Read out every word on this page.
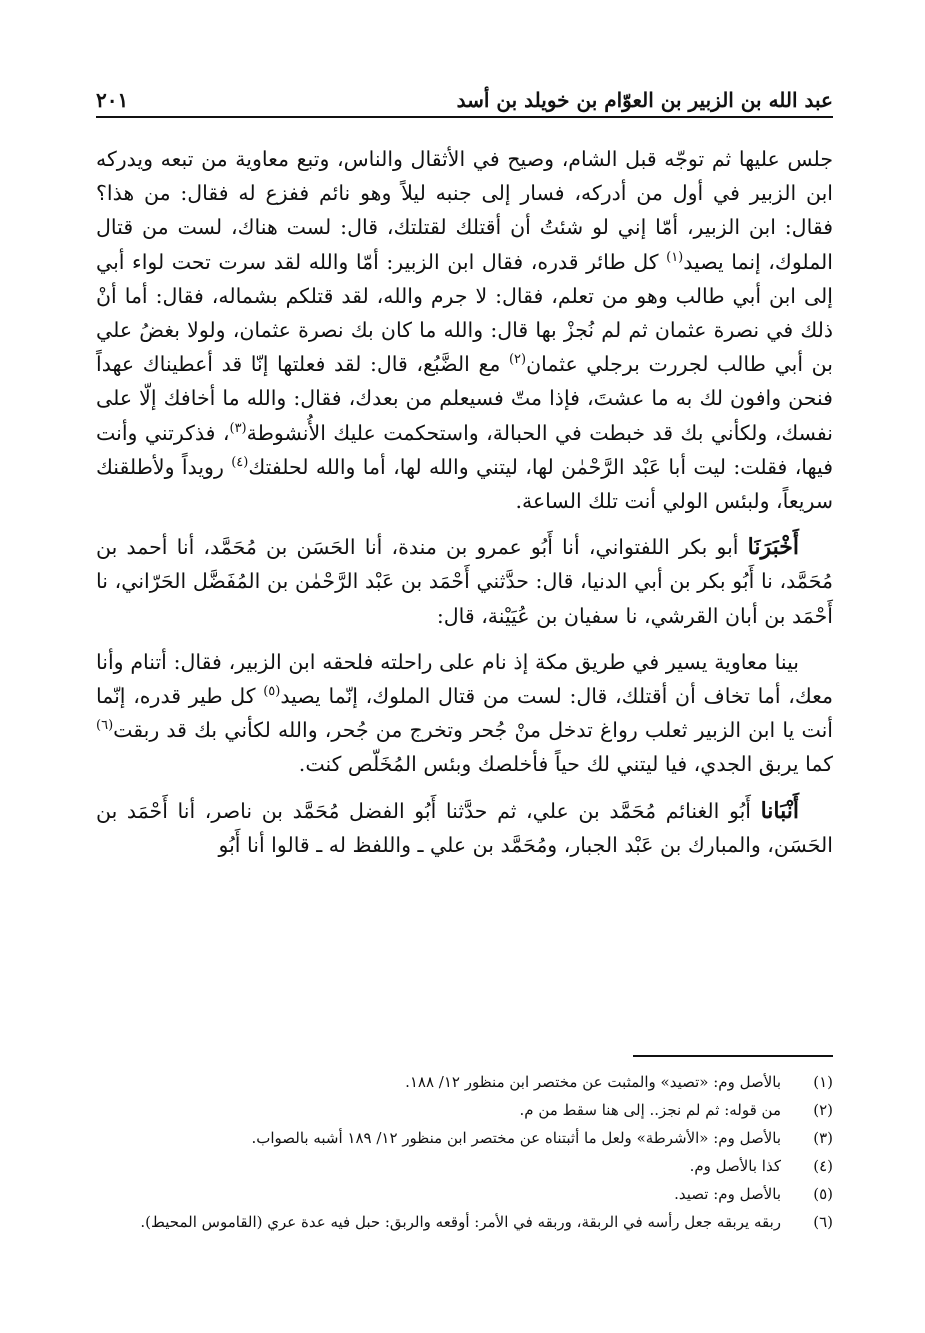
عبد الله بن الزبير بن العوّام بن خويلد بن أسد
٢٠١

جلس عليها ثم توجّه قبل الشام، وصيح في الأثقال والناس، وتبع معاوية من تبعه ويدركه ابن الزبير في أول من أدركه، فسار إلى جنبه ليلاً وهو نائم ففزع له فقال: من هذا؟ فقال: ابن الزبير، أمّا إني لو شئتُ أن أقتلك لقتلتك، قال: لست هناك، لست من قتال الملوك، إنما يصيد$^{(١)}$ كل طائر قدره، فقال ابن الزبير: أمّا والله لقد سرت تحت لواء أبي إلى ابن أبي طالب وهو من تعلم، فقال: لا جرم والله، لقد قتلكم بشماله، فقال: أما أنْ ذلك في نصرة عثمان ثم لم نُجزْ بها قال: والله ما كان بك نصرة عثمان، ولولا بغضُ علي بن أبي طالب لجررت برجلي عثمان$^{(٢)}$ مع الضَّبُع، قال: لقد فعلتها إنّا قد أعطيناك عهداً فنحن وافون لك به ما عشتَ، فإذا متّ فسيعلم من بعدك، فقال: والله ما أخافك إلّا على نفسك، ولكأني بك قد خبطت في الحبالة، واستحكمت عليك الأُنشوطة$^{(٣)}$، فذكرتني وأنت فيها، فقلت: ليت أبا عَبْد الرَّحْمٰن لها، ليتني والله لها، أما والله لحلفتك$^{(٤)}$ رويداً ولأطلقنك سريعاً، ولبئس الولي أنت تلك الساعة.

أَخْبَرَنَا أبو بكر اللفتواني، أنا أَبُو عمرو بن مندة، أنا الحَسَن بن مُحَمَّد، أنا أحمد بن مُحَمَّد، نا أَبُو بكر بن أبي الدنيا، قال: حدَّثني أَحْمَد بن عَبْد الرَّحْمٰن بن المُفَضَّل الحَرّاني، نا أَحْمَد بن أبان القرشي، نا سفيان بن عُيَيْنة، قال:

بينا معاوية يسير في طريق مكة إذ نام على راحلته فلحقه ابن الزبير، فقال: أتنام وأنا معك، أما تخاف أن أقتلك، قال: لست من قتال الملوك، إنّما يصيد$^{(٥)}$ كل طير قدره، إنّما أنت يا ابن الزبير ثعلب رواغ تدخل منْ جُحر وتخرج من جُحر، والله لكأني بك قد ربقت$^{(٦)}$ كما يربق الجدي، فيا ليتني لك حياً فأخلصك وبئس المُخَلّص كنت.

أَنْبَانا أَبُو الغنائم مُحَمَّد بن علي، ثم حدَّثنا أَبُو الفضل مُحَمَّد بن ناصر، أنا أَحْمَد بن الحَسَن، والمبارك بن عَبْد الجبار، ومُحَمَّد بن علي ـ واللفظ له ـ قالوا أنا أَبُو

(١)
بالأصل وم: «تصيد» والمثبت عن مختصر ابن منظور ١٢/ ١٨٨.
(٢)
من قوله: ثم لم نجز.. إلى هنا سقط من م.
(٣)
بالأصل وم: «الأشرطة» ولعل ما أثبتناه عن مختصر ابن منظور ١٢/ ١٨٩ أشبه بالصواب.
(٤)
كذا بالأصل وم.
(٥)
بالأصل وم: تصيد.
(٦)
ربقه يربقه جعل رأسه في الربقة، وربقه في الأمر: أوقعه والربق: حبل فيه عدة عري (القاموس المحيط).
